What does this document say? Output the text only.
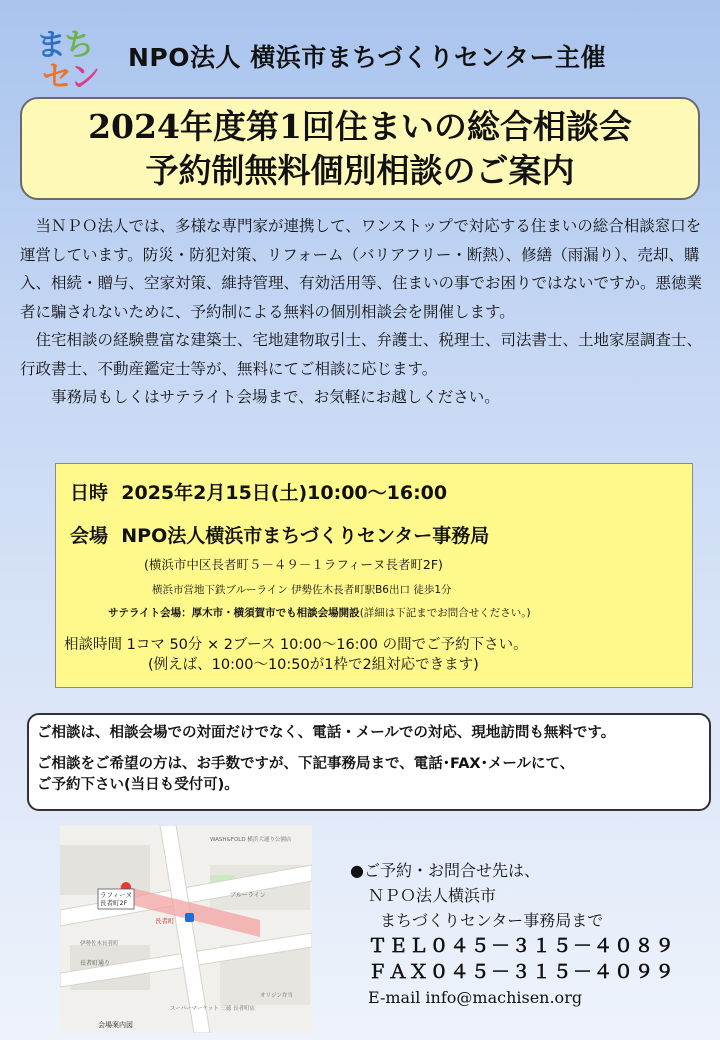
まち
セン
NPO法人 横浜市まちづくりセンター主催
2024年度第1回住まいの総合相談会
予約制無料個別相談のご案内

当ＮＰＯ法人では、多様な専門家が連携して、ワンストップで対応する住まいの総合相談窓口を運営しています。防災・防犯対策、リフォーム（バリアフリー・断熱）、修繕（雨漏り）、売却、購入、相続・贈与、空家対策、維持管理、有効活用等、住まいの事でお困りではないですか。悪徳業者に騙されないために、予約制による無料の個別相談会を開催します。

住宅相談の経験豊富な建築士、宅地建物取引士、弁護士、税理士、司法書士、土地家屋調査士、行政書士、不動産鑑定士等が、無料にてご相談に応じます。

事務局もしくはサテライト会場まで、お気軽にお越しください。

日時 2025年2月15日(土)10:00～16:00
会場 NPO法人横浜市まちづくりセンター事務局
(横浜市中区長者町５－４９－１ラフィーヌ長者町2F)
横浜市営地下鉄ブルーライン 伊勢佐木長者町駅B6出口 徒歩1分
サテライト会場：厚木市・横須賀市でも相談会場開設(詳細は下記までお問合せください。)
相談時間 1コマ 50分 × 2ブース 10:00～16:00 の間でご予約下さい。
(例えば、10:00～10:50が1枠で2組対応できます)
ご相談は、相談会場での対面だけでなく、電話・メールでの対応、現地訪問も無料です。
ご相談をご希望の方は、お手数ですが、下記事務局まで、電話･FAX･メールにて、
ご予約下さい(当日も受付可)。
ラフィーヌ
長者町2F
長者町
ブルーライン
長者町通り
WASH&FOLD 横浜大通り公園店
スーパーマーケット 三徳 長者町店
オリジン弁当
伊勢佐木長者町
会場案内図
●ご予約・お問合せ先は、
ＮＰＯ法人横浜市
まちづくりセンター事務局まで
ＴＥＬ０４５－３１５－４０８９
ＦＡＸ０４５－３１５－４０９９
E-mail info@machisen.org
